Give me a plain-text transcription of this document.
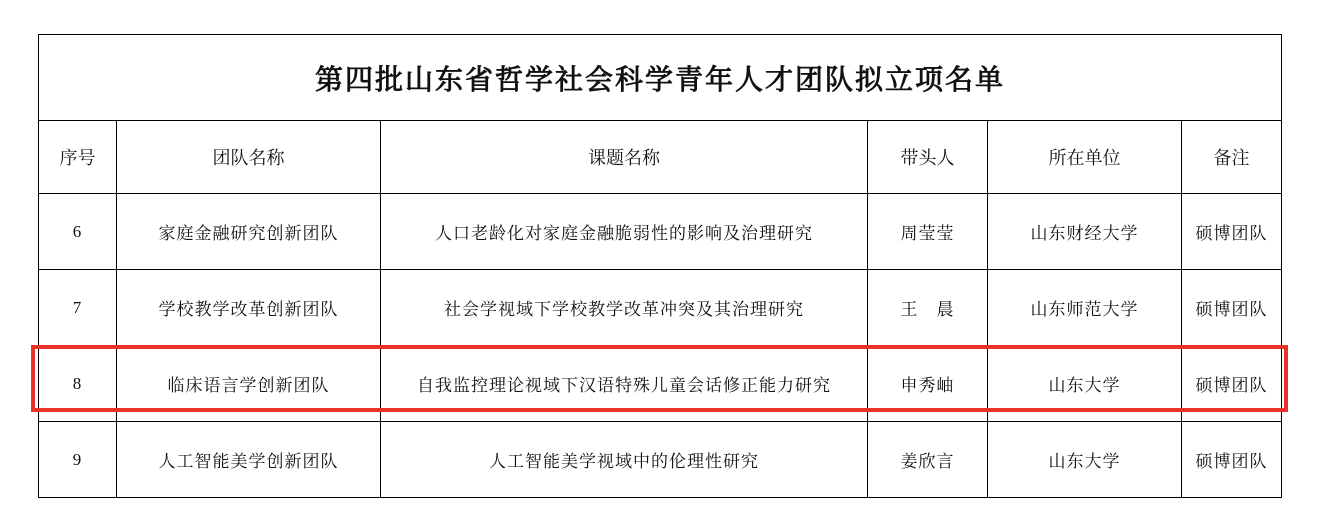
第四批山东省哲学社会科学青年人才团队拟立项名单					
序号	团队名称	课题名称	带头人	所在单位	备注
6	家庭金融研究创新团队	人口老龄化对家庭金融脆弱性的影响及治理研究	周莹莹	山东财经大学	硕博团队
7	学校教学改革创新团队	社会学视域下学校教学改革冲突及其治理研究	王　晨	山东师范大学	硕博团队
8	临床语言学创新团队	自我监控理论视域下汉语特殊儿童会话修正能力研究	申秀岫	山东大学	硕博团队
9	人工智能美学创新团队	人工智能美学视域中的伦理性研究	姜欣言	山东大学	硕博团队
